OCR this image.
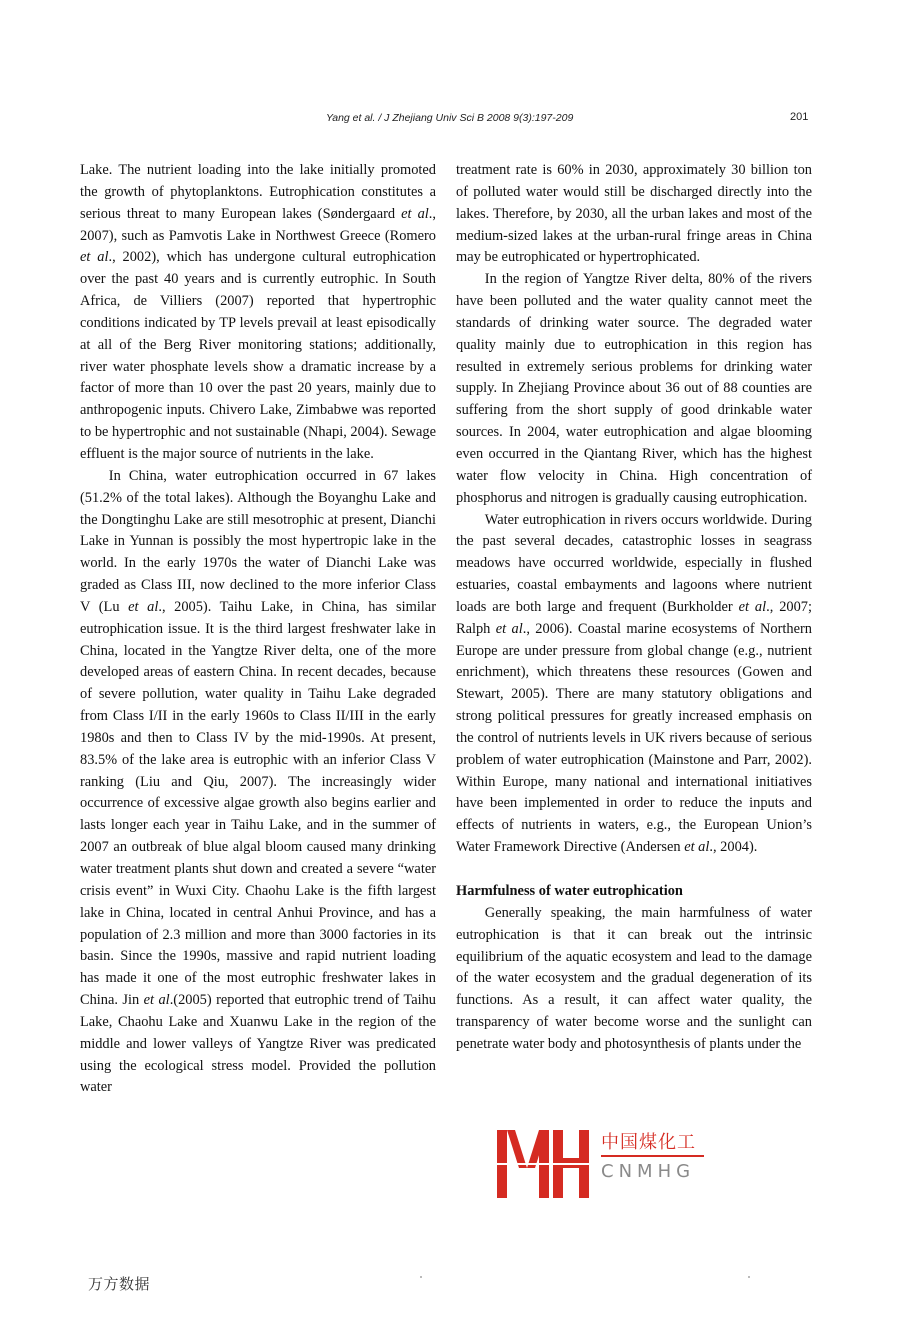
Yang et al. / J Zhejiang Univ Sci B 2008 9(3):197-209	201

Lake. The nutrient loading into the lake initially promoted the growth of phytoplanktons. Eutrophication constitutes a serious threat to many European lakes (Søndergaard et al., 2007), such as Pamvotis Lake in Northwest Greece (Romero et al., 2002), which has undergone cultural eutrophication over the past 40 years and is currently eutrophic. In South Africa, de Villiers (2007) reported that hypertrophic conditions indicated by TP levels prevail at least episodically at all of the Berg River monitoring stations; additionally, river water phosphate levels show a dramatic increase by a factor of more than 10 over the past 20 years, mainly due to anthropogenic inputs. Chivero Lake, Zimbabwe was reported to be hypertrophic and not sustainable (Nhapi, 2004). Sewage effluent is the major source of nutrients in the lake.

In China, water eutrophication occurred in 67 lakes (51.2% of the total lakes). Although the Boyanghu Lake and the Dongtinghu Lake are still mesotrophic at present, Dianchi Lake in Yunnan is possibly the most hypertropic lake in the world. In the early 1970s the water of Dianchi Lake was graded as Class III, now declined to the more inferior Class V (Lu et al., 2005). Taihu Lake, in China, has similar eutrophication issue. It is the third largest freshwater lake in China, located in the Yangtze River delta, one of the more developed areas of eastern China. In recent decades, because of severe pollution, water quality in Taihu Lake degraded from Class I/II in the early 1960s to Class II/III in the early 1980s and then to Class IV by the mid-1990s. At present, 83.5% of the lake area is eutrophic with an inferior Class V ranking (Liu and Qiu, 2007). The increasingly wider occurrence of excessive algae growth also begins earlier and lasts longer each year in Taihu Lake, and in the summer of 2007 an outbreak of blue algal bloom caused many drinking water treatment plants shut down and created a severe “water crisis event” in Wuxi City. Chaohu Lake is the fifth largest lake in China, located in central Anhui Province, and has a population of 2.3 million and more than 3000 factories in its basin. Since the 1990s, massive and rapid nutrient loading has made it one of the most eutrophic freshwater lakes in China. Jin et al.(2005) reported that eutrophic trend of Taihu Lake, Chaohu Lake and Xuanwu Lake in the region of the middle and lower valleys of Yangtze River was predicated using the ecological stress model. Provided the pollution water

treatment rate is 60% in 2030, approximately 30 billion ton of polluted water would still be discharged directly into the lakes. Therefore, by 2030, all the urban lakes and most of the medium-sized lakes at the urban-rural fringe areas in China may be eutrophicated or hypertrophicated.

In the region of Yangtze River delta, 80% of the rivers have been polluted and the water quality cannot meet the standards of drinking water source. The degraded water quality mainly due to eutrophication in this region has resulted in extremely serious problems for drinking water supply. In Zhejiang Province about 36 out of 88 counties are suffering from the short supply of good drinkable water sources. In 2004, water eutrophication and algae blooming even occurred in the Qiantang River, which has the highest water flow velocity in China. High concentration of phosphorus and nitrogen is gradually causing eutrophication.

Water eutrophication in rivers occurs worldwide. During the past several decades, catastrophic losses in seagrass meadows have occurred worldwide, especially in flushed estuaries, coastal embayments and lagoons where nutrient loads are both large and frequent (Burkholder et al., 2007; Ralph et al., 2006). Coastal marine ecosystems of Northern Europe are under pressure from global change (e.g., nutrient enrichment), which threatens these resources (Gowen and Stewart, 2005). There are many statutory obligations and strong political pressures for greatly increased emphasis on the control of nutrients levels in UK rivers because of serious problem of water eutrophication (Mainstone and Parr, 2002). Within Europe, many national and international initiatives have been implemented in order to reduce the inputs and effects of nutrients in waters, e.g., the European Union’s Water Framework Directive (Andersen et al., 2004).

Harmfulness of water eutrophication

Generally speaking, the main harmfulness of water eutrophication is that it can break out the intrinsic equilibrium of the aquatic ecosystem and lead to the damage of the water ecosystem and the gradual degeneration of its functions. As a result, it can affect water quality, the transparency of water become worse and the sunlight can penetrate water body and photosynthesis of plants under the

中国煤化工
CNMHG
万方数据
